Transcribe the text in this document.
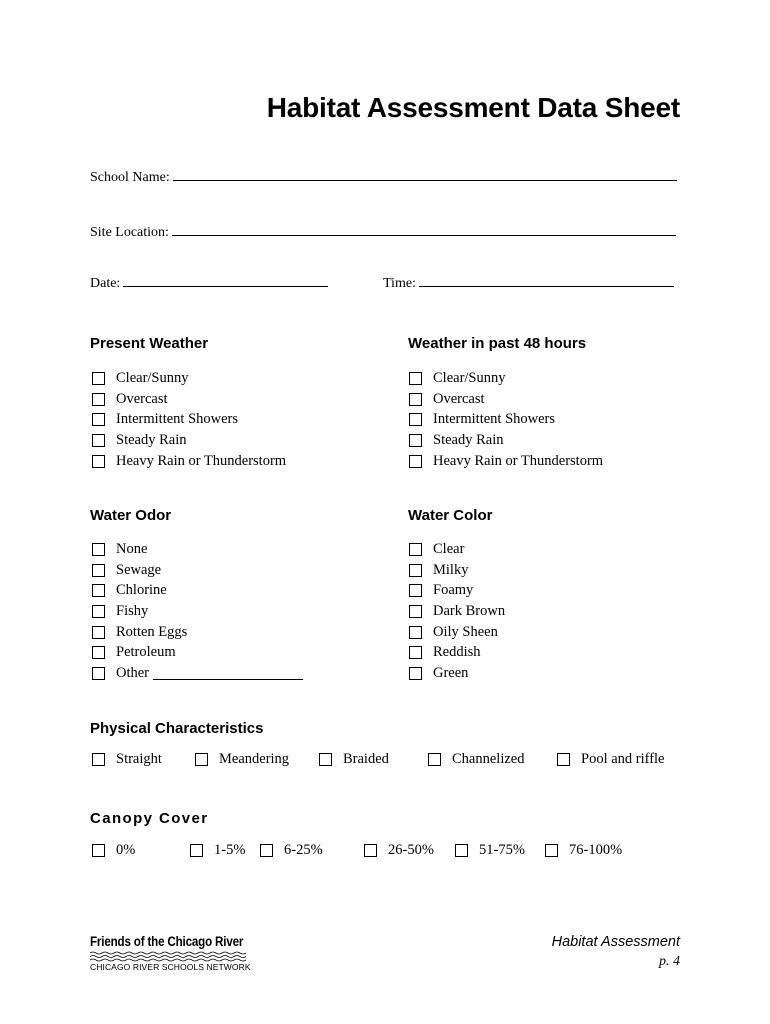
Habitat Assessment Data Sheet
School Name:
Site Location:
Date:	Time:
Present Weather
Clear/Sunny
Overcast
Intermittent Showers
Steady Rain
Heavy Rain or Thunderstorm
Weather in past 48 hours
Clear/Sunny
Overcast
Intermittent Showers
Steady Rain
Heavy Rain or Thunderstorm
Water Odor
None
Sewage
Chlorine
Fishy
Rotten Eggs
Petroleum
Other
Water Color
Clear
Milky
Foamy
Dark Brown
Oily Sheen
Reddish
Green
Physical Characteristics
Straight	Meandering	Braided	Channelized	Pool and riffle
Canopy Cover
0%	1-5%	6-25%	26-50%	51-75%	76-100%
Friends of the Chicago River
CHICAGO RIVER SCHOOLS NETWORK
Habitat Assessment
p. 4
